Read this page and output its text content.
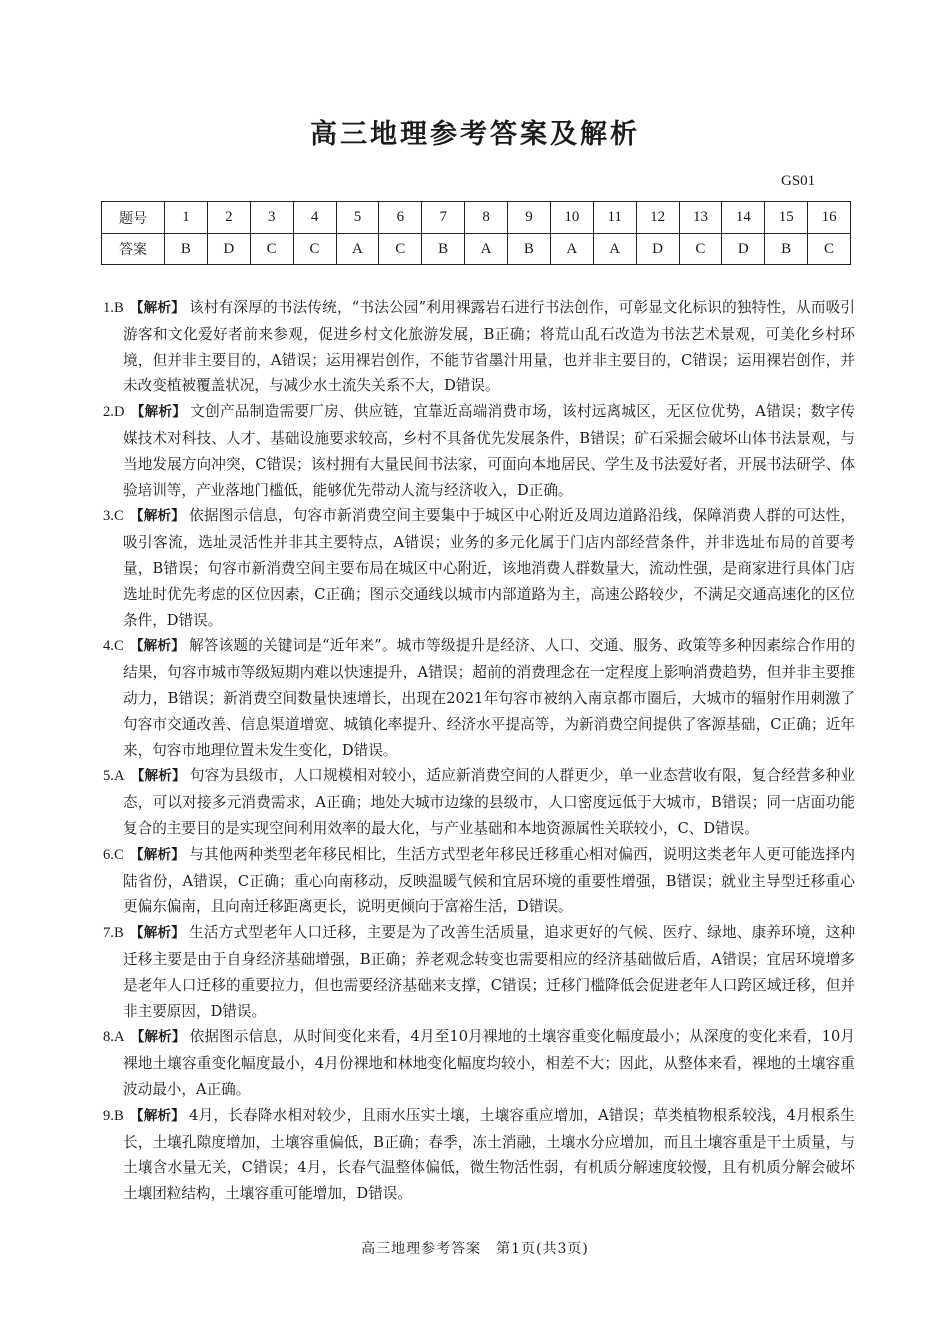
高三地理参考答案及解析
GS01
题号	1	2	3	4	5	6	7	8	9	10	11	12	13	14	15	16
答案	B	D	C	C	A	C	B	A	B	A	A	D	C	D	B	C

1.B 【解析】 该村有深厚的书法传统，“书法公园”利用裸露岩石进行书法创作，可彰显文化标识的独特性，从而吸引游客和文化爱好者前来参观，促进乡村文化旅游发展，B正确；将荒山乱石改造为书法艺术景观，可美化乡村环境，但并非主要目的，A错误；运用裸岩创作，不能节省墨汁用量，也并非主要目的，C错误；运用裸岩创作，并未改变植被覆盖状况，与减少水土流失关系不大，D错误。

2.D 【解析】 文创产品制造需要厂房、供应链，宜靠近高端消费市场，该村远离城区，无区位优势，A错误；数字传媒技术对科技、人才、基础设施要求较高，乡村不具备优先发展条件，B错误；矿石采掘会破坏山体书法景观，与当地发展方向冲突，C错误；该村拥有大量民间书法家，可面向本地居民、学生及书法爱好者，开展书法研学、体验培训等，产业落地门槛低，能够优先带动人流与经济收入，D正确。

3.C 【解析】 依据图示信息，句容市新消费空间主要集中于城区中心附近及周边道路沿线，保障消费人群的可达性，吸引客流，选址灵活性并非其主要特点，A错误；业务的多元化属于门店内部经营条件，并非选址布局的首要考量，B错误；句容市新消费空间主要布局在城区中心附近，该地消费人群数量大，流动性强，是商家进行具体门店选址时优先考虑的区位因素，C正确；图示交通线以城市内部道路为主，高速公路较少，不满足交通高速化的区位条件，D错误。

4.C 【解析】 解答该题的关键词是“近年来”。城市等级提升是经济、人口、交通、服务、政策等多种因素综合作用的结果，句容市城市等级短期内难以快速提升，A错误；超前的消费理念在一定程度上影响消费趋势，但并非主要推动力，B错误；新消费空间数量快速增长，出现在2021年句容市被纳入南京都市圈后，大城市的辐射作用刺激了句容市交通改善、信息渠道增宽、城镇化率提升、经济水平提高等，为新消费空间提供了客源基础，C正确；近年来，句容市地理位置未发生变化，D错误。

5.A 【解析】 句容为县级市，人口规模相对较小，适应新消费空间的人群更少，单一业态营收有限，复合经营多种业态，可以对接多元消费需求，A正确；地处大城市边缘的县级市，人口密度远低于大城市，B错误；同一店面功能复合的主要目的是实现空间利用效率的最大化，与产业基础和本地资源属性关联较小，C、D错误。

6.C 【解析】 与其他两种类型老年移民相比，生活方式型老年移民迁移重心相对偏西，说明这类老年人更可能选择内陆省份，A错误，C正确；重心向南移动，反映温暖气候和宜居环境的重要性增强，B错误；就业主导型迁移重心更偏东偏南，且向南迁移距离更长，说明更倾向于富裕生活，D错误。

7.B 【解析】 生活方式型老年人口迁移，主要是为了改善生活质量，追求更好的气候、医疗、绿地、康养环境，这种迁移主要是由于自身经济基础增强，B正确；养老观念转变也需要相应的经济基础做后盾，A错误；宜居环境增多是老年人口迁移的重要拉力，但也需要经济基础来支撑，C错误；迁移门槛降低会促进老年人口跨区域迁移，但并非主要原因，D错误。

8.A 【解析】 依据图示信息，从时间变化来看，4月至10月裸地的土壤容重变化幅度最小；从深度的变化来看，10月裸地土壤容重变化幅度最小，4月份裸地和林地变化幅度均较小，相差不大；因此，从整体来看，裸地的土壤容重波动最小，A正确。

9.B 【解析】 4月，长春降水相对较少，且雨水压实土壤，土壤容重应增加，A错误；草类植物根系较浅，4月根系生长，土壤孔隙度增加，土壤容重偏低，B正确；春季，冻土消融，土壤水分应增加，而且土壤容重是干土质量，与土壤含水量无关，C错误；4月，长春气温整体偏低，微生物活性弱，有机质分解速度较慢，且有机质分解会破坏土壤团粒结构，土壤容重可能增加，D错误。

高三地理参考答案　第1页(共3页)
